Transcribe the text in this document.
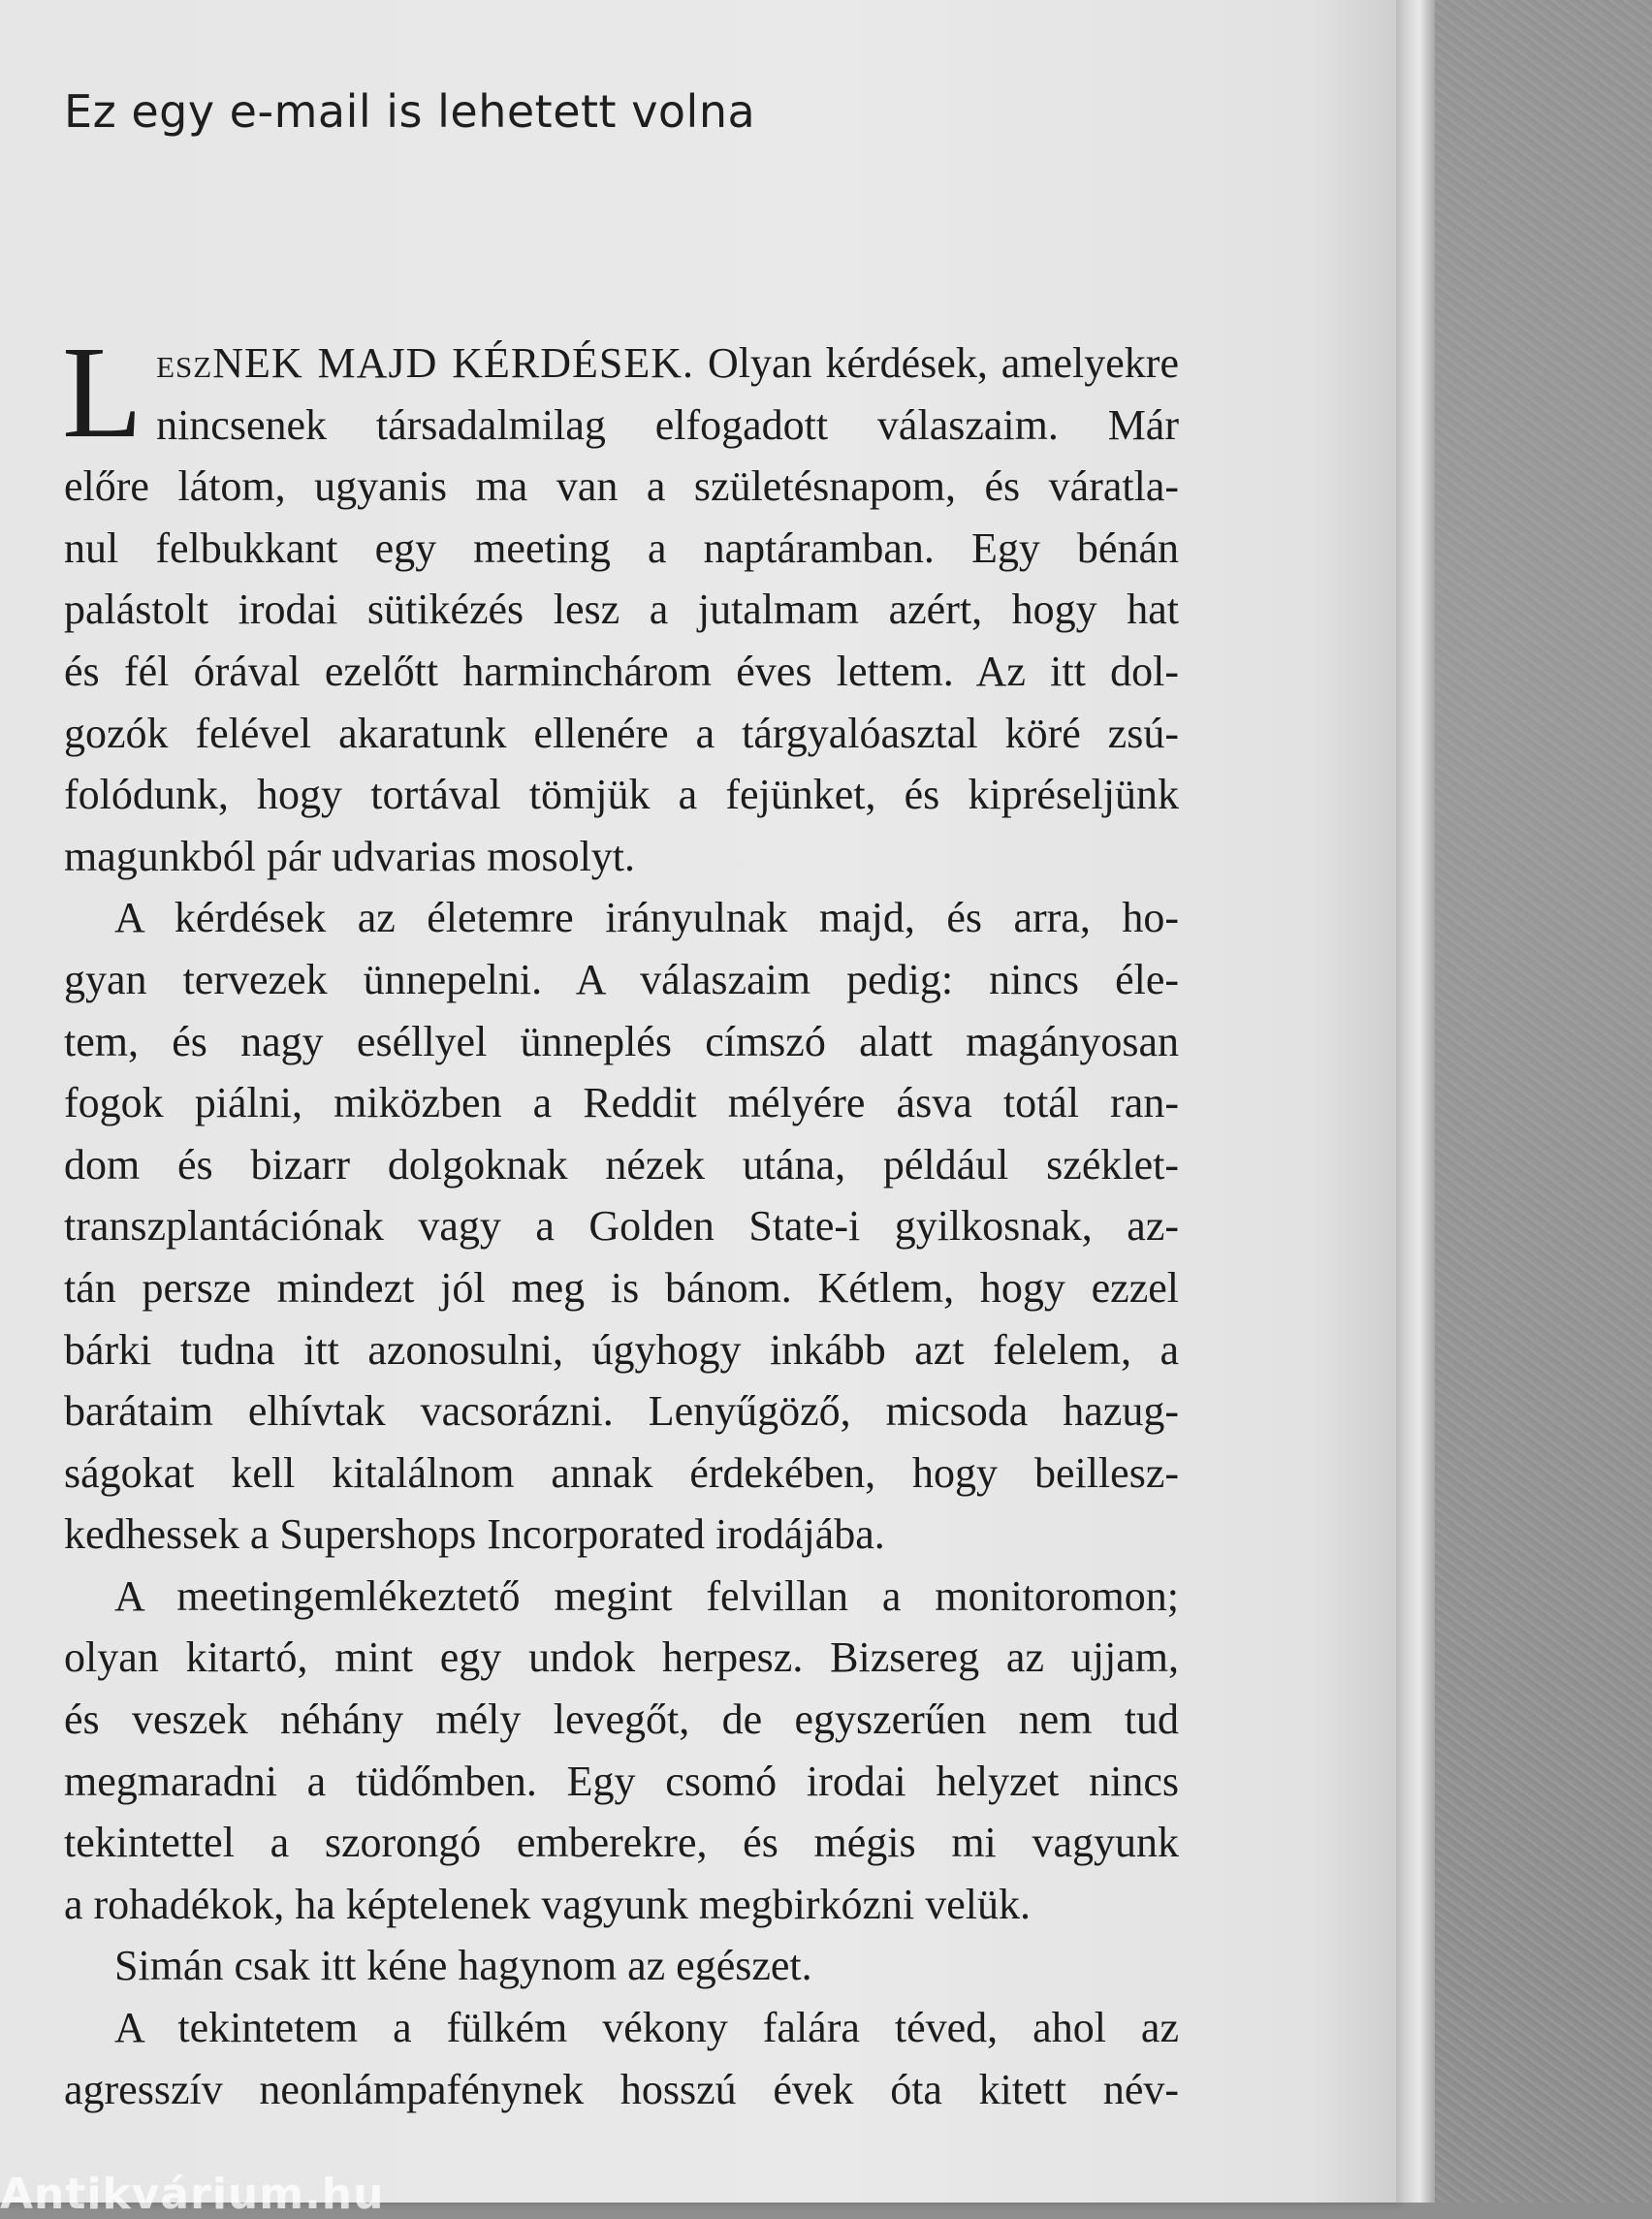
Ez egy e-mail is lehetett volna
L eszNEK MAJD KÉRDÉSEK. Olyan kérdések, amelyekre
nincsenek társadalmilag elfogadott válaszaim. Már
előre látom, ugyanis ma van a születésnapom, és váratla-
nul felbukkant egy meeting a naptáramban. Egy bénán
palástolt irodai sütikézés lesz a jutalmam azért, hogy hat
és fél órával ezelőtt harminchárom éves lettem. Az itt dol-
gozók felével akaratunk ellenére a tárgyalóasztal köré zsú-
folódunk, hogy tortával tömjük a fejünket, és kipréseljünk
magunkból pár udvarias mosolyt.
A kérdések az életemre irányulnak majd, és arra, ho-
gyan tervezek ünnepelni. A válaszaim pedig: nincs éle-
tem, és nagy eséllyel ünneplés címszó alatt magányosan
fogok piálni, miközben a Reddit mélyére ásva totál ran-
dom és bizarr dolgoknak nézek utána, például széklet-
transzplantációnak vagy a Golden State-i gyilkosnak, az-
tán persze mindezt jól meg is bánom. Kétlem, hogy ezzel
bárki tudna itt azonosulni, úgyhogy inkább azt felelem, a
barátaim elhívtak vacsorázni. Lenyűgöző, micsoda hazug-
ságokat kell kitalálnom annak érdekében, hogy beillesz-
kedhessek a Supershops Incorporated irodájába.
A meetingemlékeztető megint felvillan a monitoromon;
olyan kitartó, mint egy undok herpesz. Bizsereg az ujjam,
és veszek néhány mély levegőt, de egyszerűen nem tud
megmaradni a tüdőmben. Egy csomó irodai helyzet nincs
tekintettel a szorongó emberekre, és mégis mi vagyunk
a rohadékok, ha képtelenek vagyunk megbirkózni velük.
Simán csak itt kéne hagynom az egészet.
A tekintetem a fülkém vékony falára téved, ahol az
agresszív neonlámpafénynek hosszú évek óta kitett név-
Antikvárium.hu
